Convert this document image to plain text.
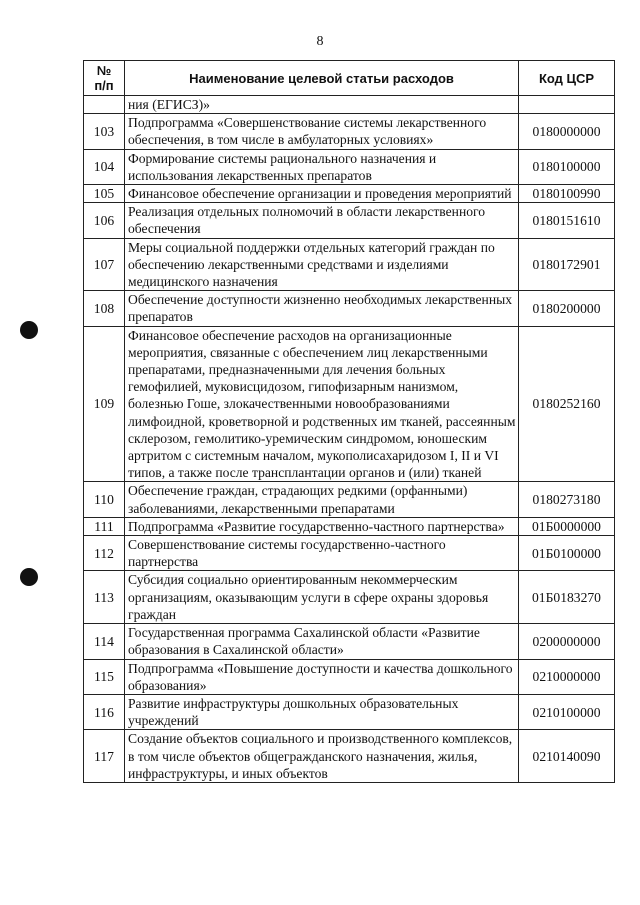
8
№
п/п	Наименование целевой статьи расходов	Код ЦСР
	ния (ЕГИСЗ)»	
103	Подпрограмма «Совершенствование системы лекарственного обеспечения, в том числе в амбулаторных условиях»	0180000000
104	Формирование системы рационального назначения и использования лекарственных препаратов	0180100000
105	Финансовое обеспечение организации и проведения мероприятий	0180100990
106	Реализация отдельных полномочий в области лекарственного обеспечения	0180151610
107	Меры социальной поддержки отдельных категорий граждан по обеспечению лекарственными средствами и изделиями медицинского назначения	0180172901
108	Обеспечение доступности жизненно необходимых лекарственных препаратов	0180200000
109	Финансовое обеспечение расходов на организационные мероприятия, связанные с обеспечением лиц лекарственными препаратами, предназначенными для лечения больных гемофилией, муковисцидозом, гипофизарным нанизмом, болезнью Гоше, злокачественными новообразованиями лимфоидной, кроветворной и родственных им тканей, рассеянным склерозом, гемолитико-уремическим синдромом, юношеским артритом с системным началом, мукополисахаридозом I, II и VI типов, а также после трансплантации органов и (или) тканей	0180252160
110	Обеспечение граждан, страдающих редкими (орфанными) заболеваниями, лекарственными препаратами	0180273180
111	Подпрограмма «Развитие государственно-частного партнерства»	01Б0000000
112	Совершенствование системы государственно-частного партнерства	01Б0100000
113	Субсидия социально ориентированным некоммерческим организациям, оказывающим услуги в сфере охраны здоровья граждан	01Б0183270
114	Государственная программа Сахалинской области «Развитие образования в Сахалинской области»	0200000000
115	Подпрограмма «Повышение доступности и качества дошкольного образования»	0210000000
116	Развитие инфраструктуры дошкольных образовательных учреждений	0210100000
117	Создание объектов социального и производственного комплексов, в том числе объектов общегражданского назначения, жилья, инфраструктуры, и иных объектов	0210140090
